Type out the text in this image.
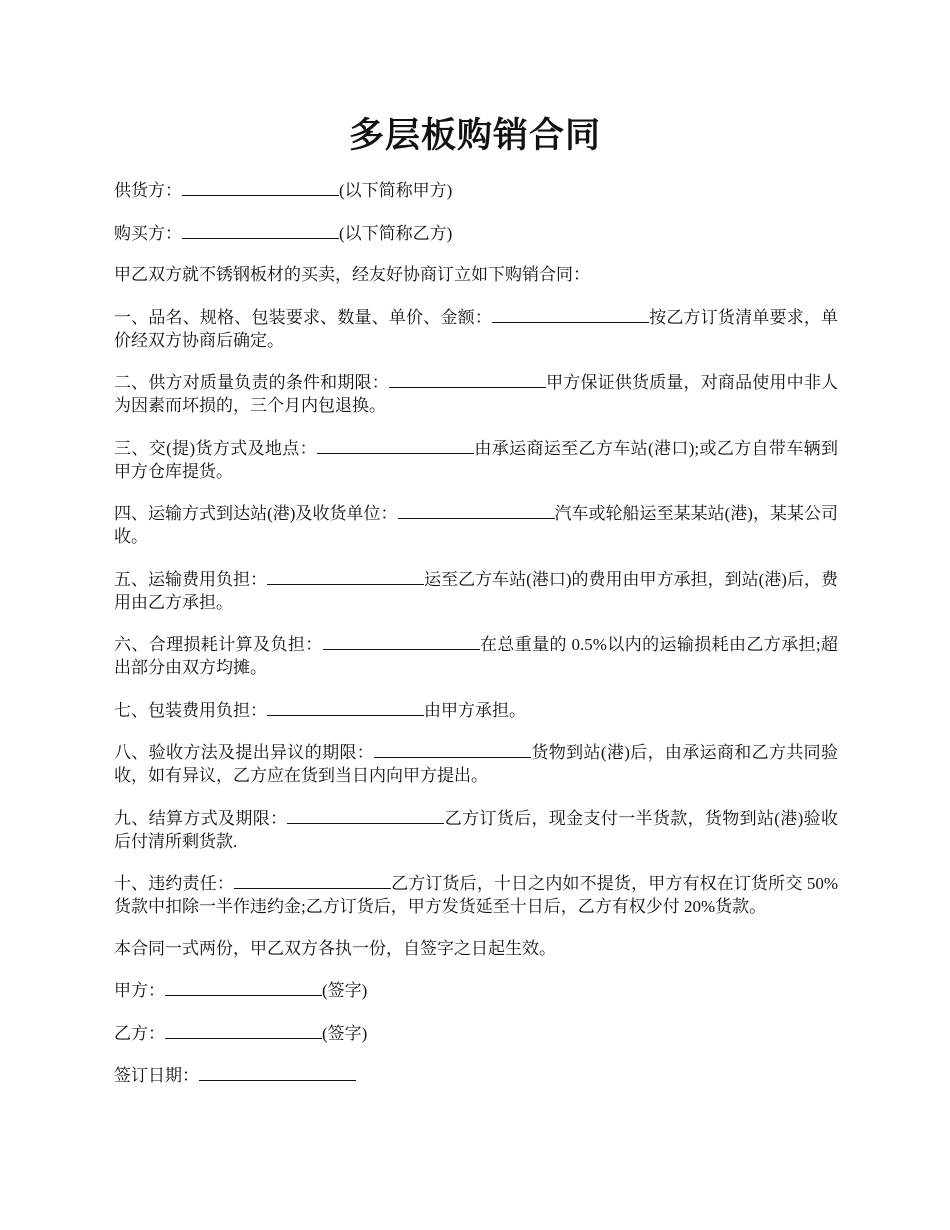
多层板购销合同

供货方：	(以下简称甲方)

购买方：	(以下简称乙方)

甲乙双方就不锈钢板材的买卖，经友好协商订立如下购销合同：

一、品名、规格、包装要求、数量、单价、金额：	按乙方订货清单要求，单价经双方协商后确定。

二、供方对质量负责的条件和期限：	甲方保证供货质量，对商品使用中非人为因素而坏损的，三个月内包退换。

三、交(提)货方式及地点：	由承运商运至乙方车站(港口);或乙方自带车辆到甲方仓库提货。

四、运输方式到达站(港)及收货单位：	汽车或轮船运至某某站(港)，某某公司收。

五、运输费用负担：	运至乙方车站(港口)的费用由甲方承担，到站(港)后，费用由乙方承担。

六、合理损耗计算及负担：	在总重量的 0.5%以内的运输损耗由乙方承担;超出部分由双方均摊。

七、包装费用负担：	由甲方承担。

八、验收方法及提出异议的期限：	货物到站(港)后，由承运商和乙方共同验收，如有异议，乙方应在货到当日内向甲方提出。

九、结算方式及期限：	乙方订货后，现金支付一半货款，货物到站(港)验收后付清所剩货款.

十、违约责任：	乙方订货后，十日之内如不提货，甲方有权在订货所交 50%货款中扣除一半作违约金;乙方订货后，甲方发货延至十日后，乙方有权少付 20%货款。

本合同一式两份，甲乙双方各执一份，自签字之日起生效。

甲方：	(签字)

乙方：	(签字)

签订日期：
